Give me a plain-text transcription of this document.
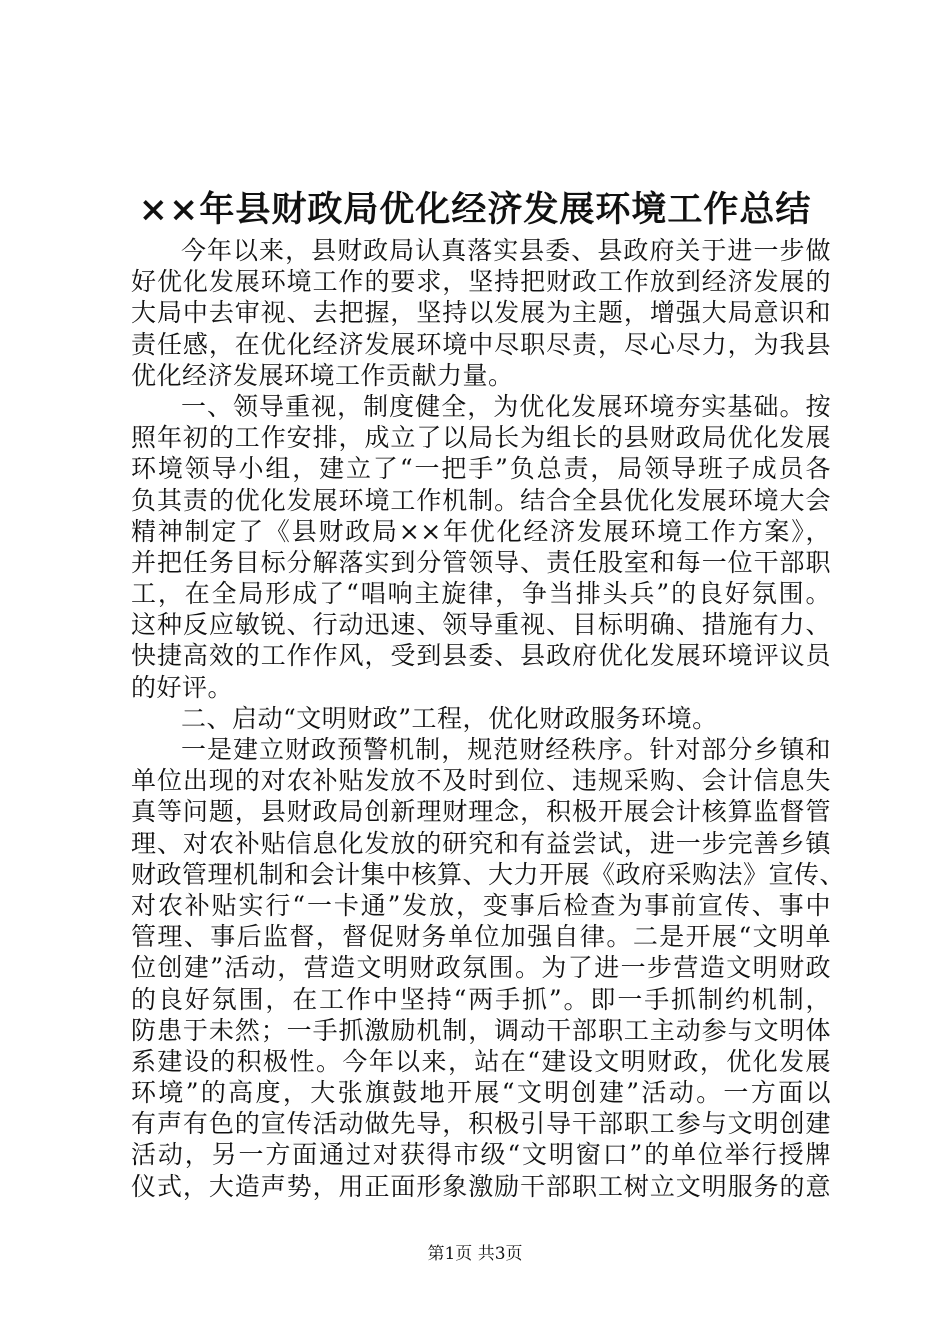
××年县财政局优化经济发展环境工作总结

今年以来，县财政局认真落实县委、县政府关于进一步做
好优化发展环境工作的要求，坚持把财政工作放到经济发展的
大局中去审视、去把握，坚持以发展为主题，增强大局意识和
责任感，在优化经济发展环境中尽职尽责，尽心尽力，为我县
优化经济发展环境工作贡献力量。

一、领导重视，制度健全，为优化发展环境夯实基础。按
照年初的工作安排，成立了以局长为组长的县财政局优化发展
环境领导小组，建立了“一把手”负总责，局领导班子成员各
负其责的优化发展环境工作机制。结合全县优化发展环境大会
精神制定了《县财政局××年优化经济发展环境工作方案》，
并把任务目标分解落实到分管领导、责任股室和每一位干部职
工，在全局形成了“唱响主旋律，争当排头兵”的良好氛围。
这种反应敏锐、行动迅速、领导重视、目标明确、措施有力、
快捷高效的工作作风，受到县委、县政府优化发展环境评议员
的好评。

二、启动“文明财政”工程，优化财政服务环境。

一是建立财政预警机制，规范财经秩序。针对部分乡镇和
单位出现的对农补贴发放不及时到位、违规采购、会计信息失
真等问题，县财政局创新理财理念，积极开展会计核算监督管
理、对农补贴信息化发放的研究和有益尝试，进一步完善乡镇
财政管理机制和会计集中核算、大力开展《政府采购法》宣传、
对农补贴实行“一卡通”发放，变事后检查为事前宣传、事中
管理、事后监督，督促财务单位加强自律。二是开展“文明单
位创建”活动，营造文明财政氛围。为了进一步营造文明财政
的良好氛围，在工作中坚持“两手抓”。即一手抓制约机制，
防患于未然；一手抓激励机制，调动干部职工主动参与文明体
系建设的积极性。今年以来，站在“建设文明财政，优化发展
环境”的高度，大张旗鼓地开展“文明创建”活动。一方面以
有声有色的宣传活动做先导，积极引导干部职工参与文明创建
活动，另一方面通过对获得市级“文明窗口”的单位举行授牌
仪式，大造声势，用正面形象激励干部职工树立文明服务的意

第1页 共3页
